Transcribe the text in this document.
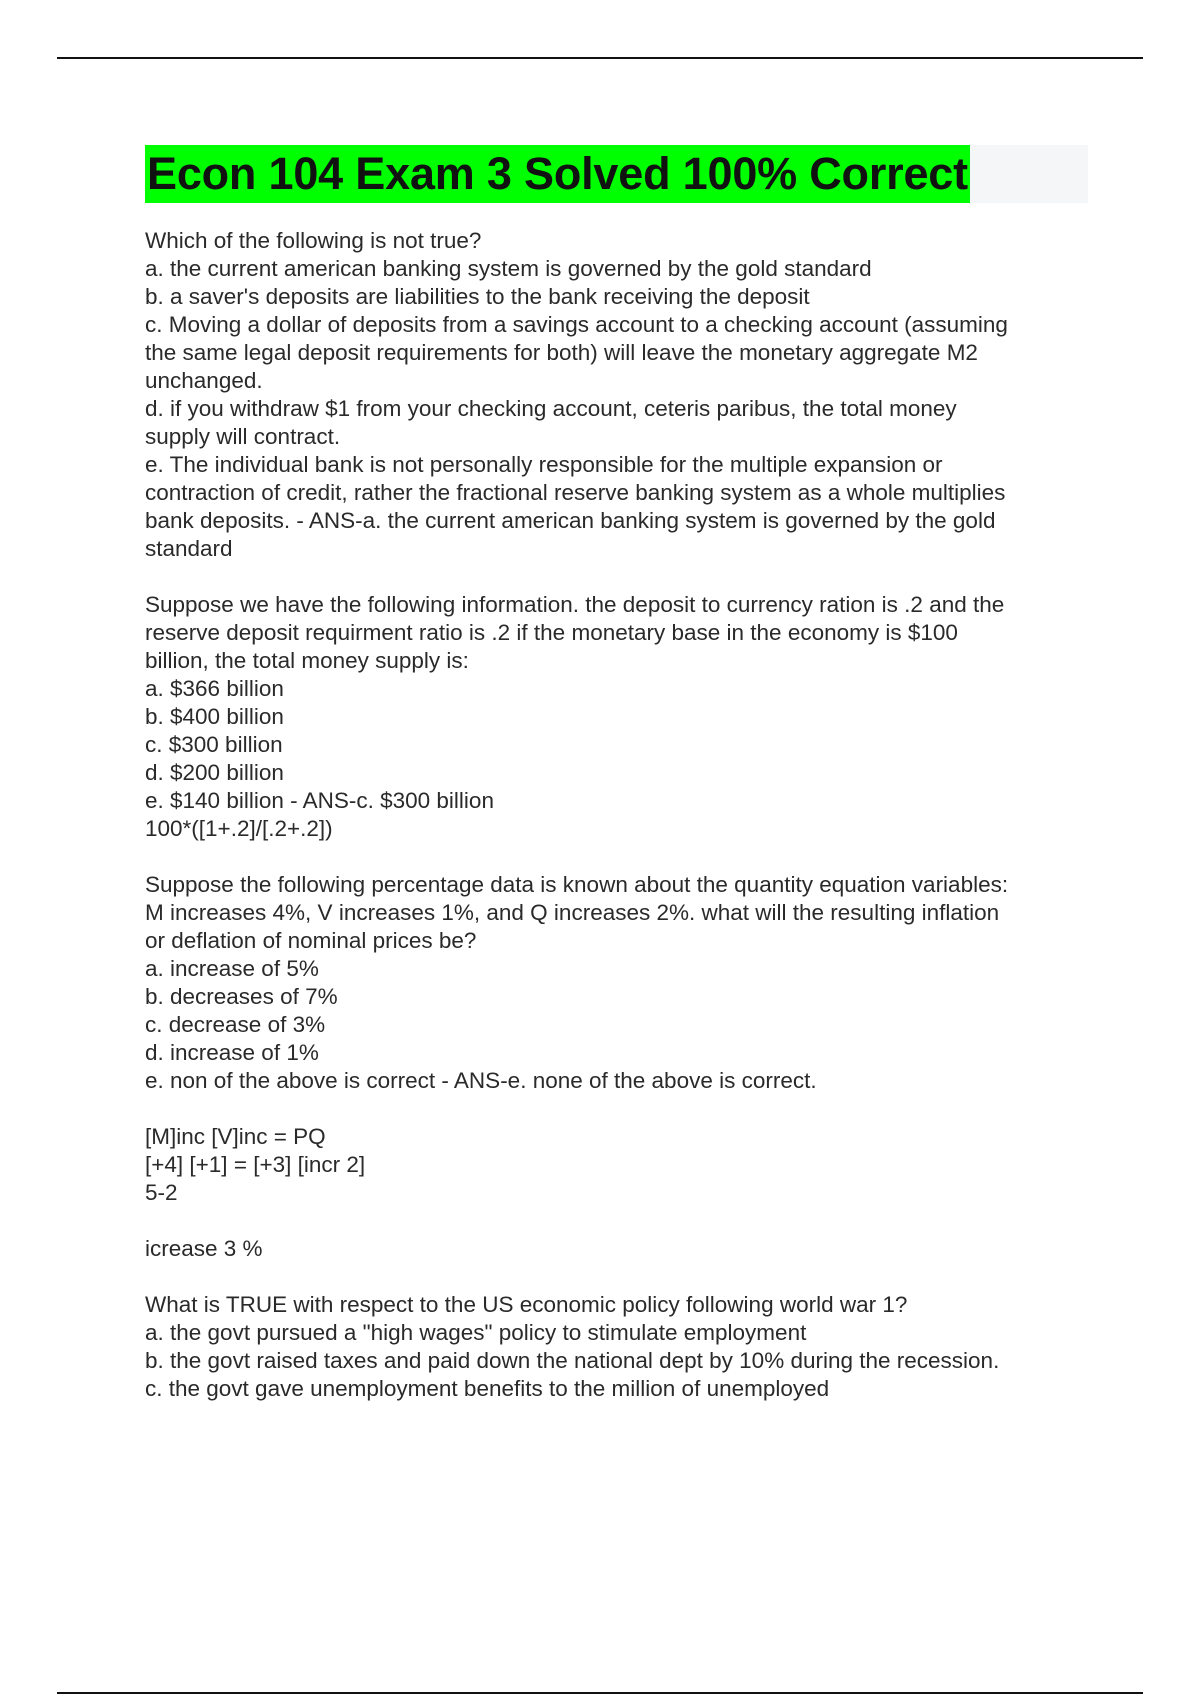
Econ 104 Exam 3 Solved 100% Correct
Which of the following is not true?
a. the current american banking system is governed by the gold standard
b. a saver's deposits are liabilities to the bank receiving the deposit
c. Moving a dollar of deposits from a savings account to a checking account (assuming
the same legal deposit requirements for both) will leave the monetary aggregate M2
unchanged.
d. if you withdraw $1 from your checking account, ceteris paribus, the total money
supply will contract.
e. The individual bank is not personally responsible for the multiple expansion or
contraction of credit, rather the fractional reserve banking system as a whole multiplies
bank deposits. - ANS-a. the current american banking system is governed by the gold
standard
Suppose we have the following information. the deposit to currency ration is .2 and the
reserve deposit requirment ratio is .2 if the monetary base in the economy is $100
billion, the total money supply is:
a. $366 billion
b. $400 billion
c. $300 billion
d. $200 billion
e. $140 billion - ANS-c. $300 billion
100*([1+.2]/[.2+.2])
Suppose the following percentage data is known about the quantity equation variables:
M increases 4%, V increases 1%, and Q increases 2%. what will the resulting inflation
or deflation of nominal prices be?
a. increase of 5%
b. decreases of 7%
c. decrease of 3%
d. increase of 1%
e. non of the above is correct - ANS-e. none of the above is correct.
[M]inc [V]inc = PQ
[+4] [+1] = [+3] [incr 2]
5-2
icrease 3 %
What is TRUE with respect to the US economic policy following world war 1?
a. the govt pursued a "high wages" policy to stimulate employment
b. the govt raised taxes and paid down the national dept by 10% during the recession.
c. the govt gave unemployment benefits to the million of unemployed
